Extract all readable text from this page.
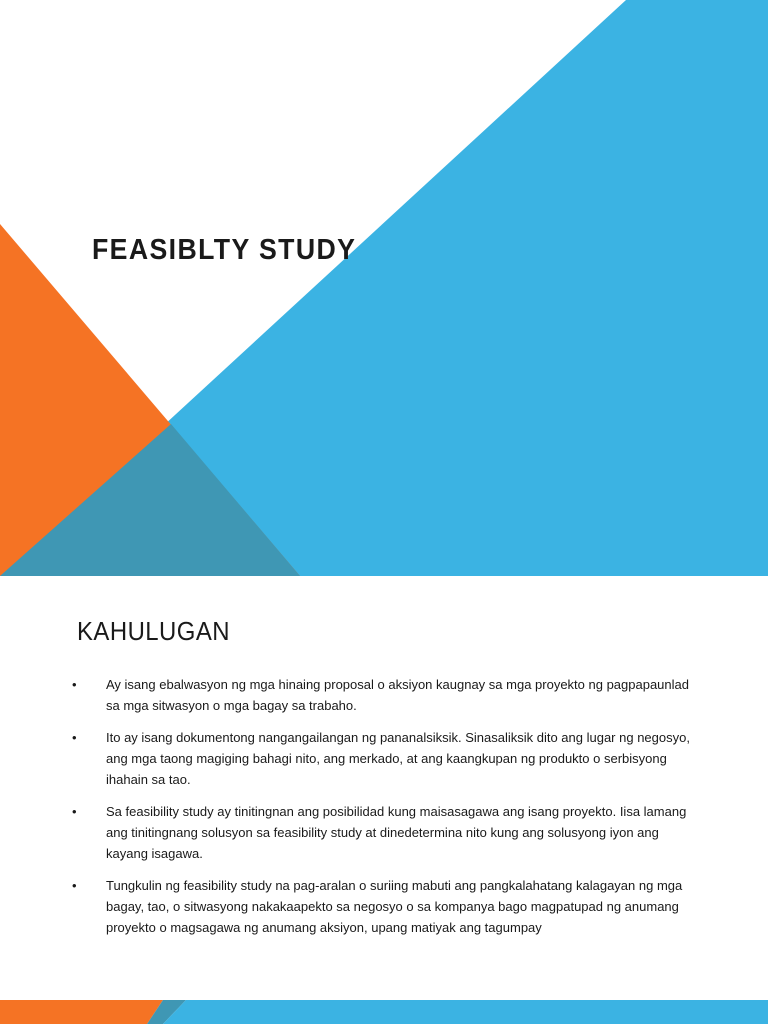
FEASIBLTY STUDY
KAHULUGAN
• Ay isang ebalwasyon ng mga hinaing proposal o aksiyon kaugnay sa mga proyekto ng pagpapaunlad sa mga sitwasyon o mga bagay sa trabaho.
• Ito ay isang dokumentong nangangailangan ng pananalsiksik. Sinasaliksik dito ang lugar ng negosyo, ang mga taong magiging bahagi nito, ang merkado, at ang kaangkupan ng produkto o serbisyong ihahain sa tao.
• Sa feasibility study ay tinitingnan ang posibilidad kung maisasagawa ang isang proyekto. Iisa lamang ang tinitingnang solusyon sa feasibility study at dinedetermina nito kung ang solusyong iyon ang kayang isagawa.
• Tungkulin ng feasibility study na pag-aralan o suriing mabuti ang pangkalahatang kalagayan ng mga bagay, tao, o sitwasyong nakakaapekto sa negosyo o sa kompanya bago magpatupad ng anumang proyekto o magsagawa ng anumang aksiyon, upang matiyak ang tagumpay
